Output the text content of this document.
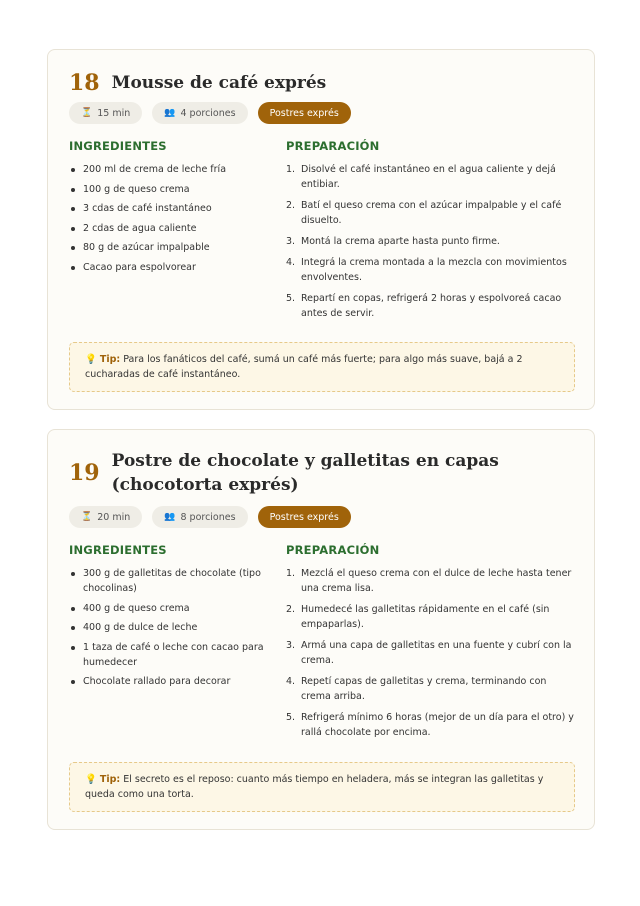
18 Mousse de café exprés
⏳ 15 min	👥 4 porciones	Postres exprés
INGREDIENTES	PREPARACIÓN
200 ml de crema de leche fría
100 g de queso crema
3 cdas de café instantáneo
2 cdas de agua caliente
80 g de azúcar impalpable
Cacao para espolvorear
1. Disolvé el café instantáneo en el agua caliente y dejá entibiar.
2. Batí el queso crema con el azúcar impalpable y el café disuelto.
3. Montá la crema aparte hasta punto firme.
4. Integrá la crema montada a la mezcla con movimientos envolventes.
5. Repartí en copas, refrigerá 2 horas y espolvoreá cacao antes de servir.
💡 Tip: Para los fanáticos del café, sumá un café más fuerte; para algo más suave, bajá a 2 cucharadas de café instantáneo.
19 Postre de chocolate y galletitas en capas (chocotorta exprés)
⏳ 20 min	👥 8 porciones	Postres exprés
INGREDIENTES	PREPARACIÓN
300 g de galletitas de chocolate (tipo chocolinas)
400 g de queso crema
400 g de dulce de leche
1 taza de café o leche con cacao para humedecer
Chocolate rallado para decorar
1. Mezclá el queso crema con el dulce de leche hasta tener una crema lisa.
2. Humedecé las galletitas rápidamente en el café (sin empaparlas).
3. Armá una capa de galletitas en una fuente y cubrí con la crema.
4. Repetí capas de galletitas y crema, terminando con crema arriba.
5. Refrigerá mínimo 6 horas (mejor de un día para el otro) y rallá chocolate por encima.
💡 Tip: El secreto es el reposo: cuanto más tiempo en heladera, más se integran las galletitas y queda como una torta.
